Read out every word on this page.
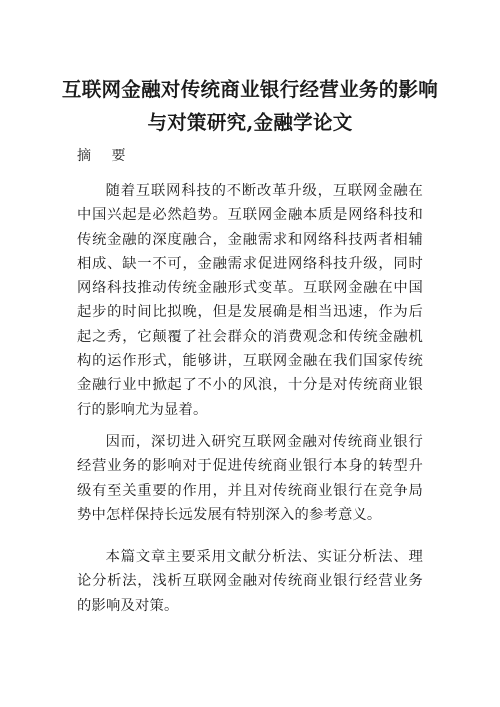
互联网金融对传统商业银行经营业务的影响与对策研究,金融学论文
摘 要

随着互联网科技的不断改革升级，互联网金融在中国兴起是必然趋势。互联网金融本质是网络科技和传统金融的深度融合，金融需求和网络科技两者相辅相成、缺一不可，金融需求促进网络科技升级，同时网络科技推动传统金融形式变革。互联网金融在中国起步的时间比拟晚，但是发展确是相当迅速，作为后起之秀，它颠覆了社会群众的消费观念和传统金融机构的运作形式，能够讲，互联网金融在我们国家传统金融行业中掀起了不小的风浪，十分是对传统商业银行的影响尤为显着。

因而，深切进入研究互联网金融对传统商业银行经营业务的影响对于促进传统商业银行本身的转型升级有至关重要的作用，并且对传统商业银行在竞争局势中怎样保持长远发展有特别深入的参考意义。

本篇文章主要采用文献分析法、实证分析法、理论分析法，浅析互联网金融对传统商业银行经营业务的影响及对策。
